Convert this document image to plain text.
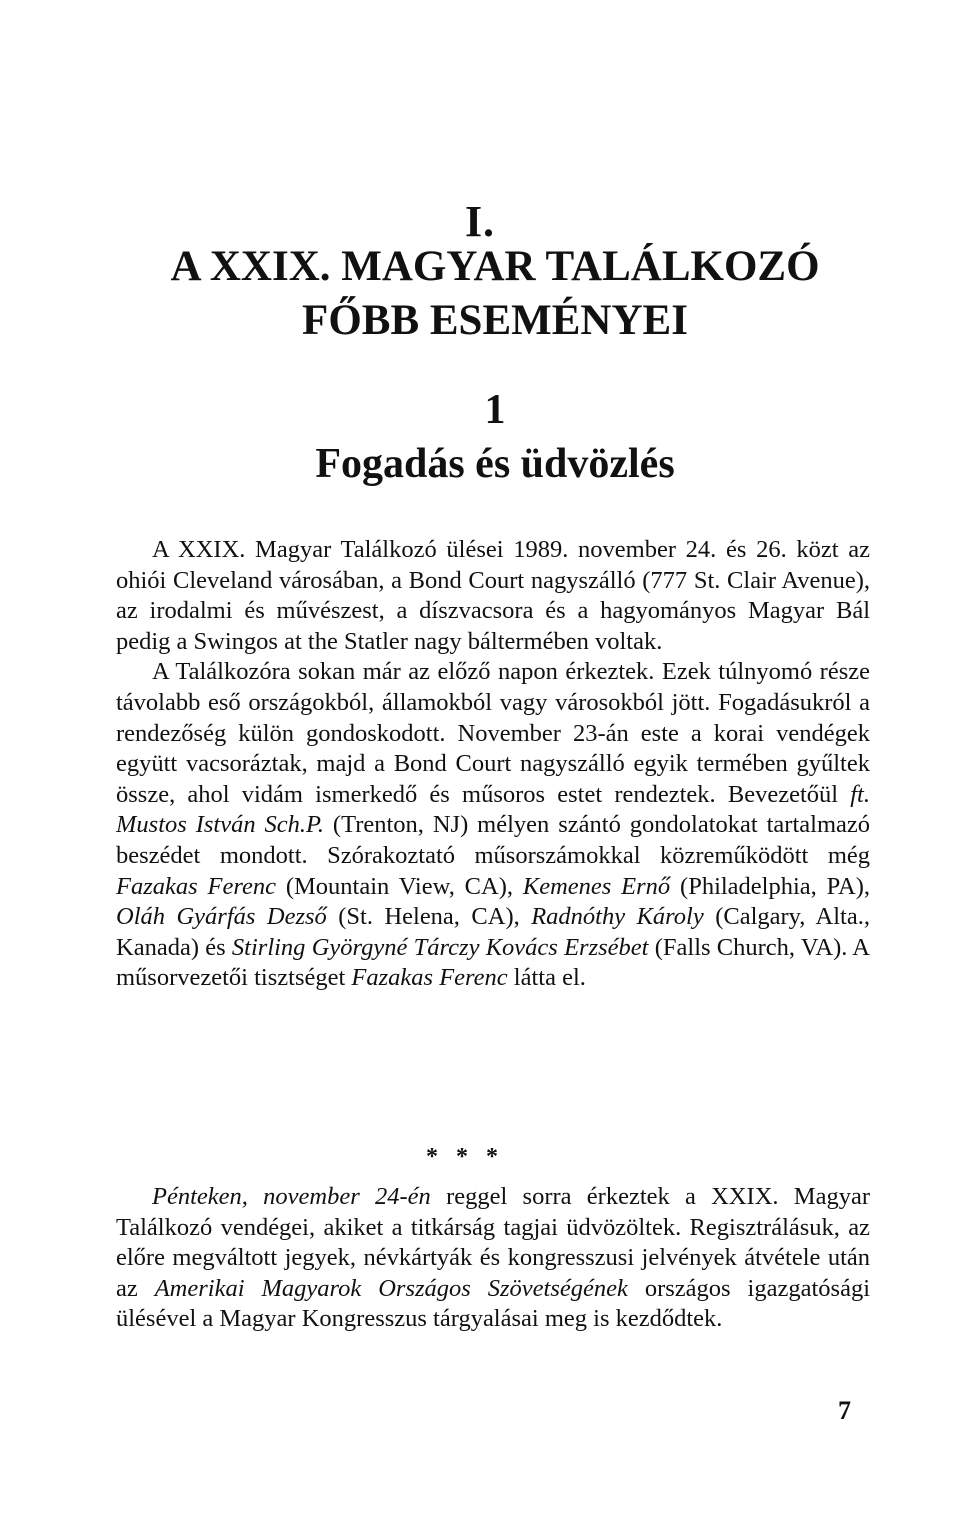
I.
A XXIX. MAGYAR TALÁLKOZÓ
FŐBB ESEMÉNYEI
1
Fogadás és üdvözlés

A XXIX. Magyar Találkozó ülései 1989. november 24. és 26. közt az ohiói Cleveland városában, a Bond Court nagyszálló (777 St. Clair Avenue), az irodalmi és művészest, a díszvacsora és a hagyományos Magyar Bál pedig a Swingos at the Statler nagy báltermében voltak.

A Találkozóra sokan már az előző napon érkeztek. Ezek túlnyomó része távolabb eső országokból, államokból vagy városokból jött. Fogadásukról a rendezőség külön gondoskodott. November 23-án este a korai vendégek együtt vacsoráztak, majd a Bond Court nagyszálló egyik termében gyűltek össze, ahol vidám ismerkedő és műsoros estet rendeztek. Bevezetőül ft. Mustos István Sch.P. (Trenton, NJ) mélyen szántó gondolatokat tartalmazó beszédet mondott. Szórakoztató műsorszámokkal közreműködött még Fazakas Ferenc (Mountain View, CA), Kemenes Ernő (Philadelphia, PA), Oláh Gyárfás Dezső (St. Helena, CA), Radnóthy Károly (Calgary, Alta., Kanada) és Stirling Györgyné Tárczy Kovács Erzsébet (Falls Church, VA). A műsorvezetői tisztséget Fazakas Ferenc látta el.

* * *

Pénteken, november 24-én reggel sorra érkeztek a XXIX. Magyar Találkozó vendégei, akiket a titkárság tagjai üdvözöltek. Regisztrálásuk, az előre megváltott jegyek, névkártyák és kongresszusi jelvények átvétele után az Amerikai Magyarok Országos Szövetségének országos igazgatósági ülésével a Magyar Kongresszus tárgyalásai meg is kezdődtek.

7
